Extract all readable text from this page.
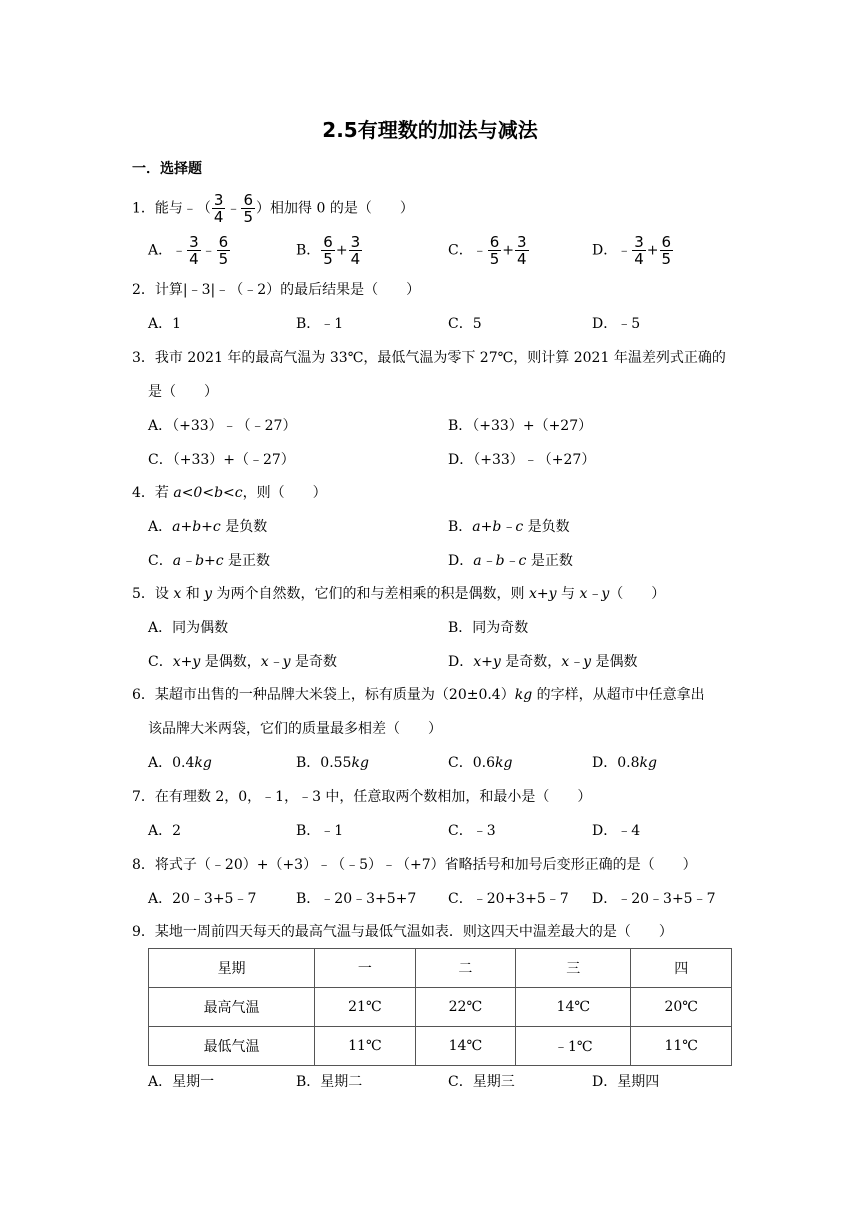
2.5有理数的加法与减法
一．选择题
1．能与﹣（ $\frac{3}{4}$ ﹣ $\frac{6}{5}$ ）相加得 0 的是（　　）
A．﹣ $\frac{3}{4}$ ﹣ $\frac{6}{5}$	B． $\frac{6}{5} + \frac{3}{4}$	C．﹣ $\frac{6}{5} + \frac{3}{4}$	D．﹣ $\frac{3}{4} + \frac{6}{5}$
2．计算|﹣3|﹣（﹣2）的最后结果是（　　）
A．1	B．﹣1	C．5	D．﹣5
3．我市 2021 年的最高气温为 33℃，最低气温为零下 27℃，则计算 2021 年温差列式正确的
是（　　）
A．（+33）﹣（﹣27）	B．（+33）+（+27）
C．（+33）+（﹣27）	D．（+33）﹣（+27）
4．若 a<0<b<c，则（　　）
A．a+b+c 是负数	B．a+b﹣c 是负数
C．a﹣b+c 是正数	D．a﹣b﹣c 是正数
5．设 x 和 y 为两个自然数，它们的和与差相乘的积是偶数，则 x+y 与 x﹣y（　　）
A．同为偶数	B．同为奇数
C．x+y 是偶数，x﹣y 是奇数	D．x+y 是奇数，x﹣y 是偶数
6．某超市出售的一种品牌大米袋上，标有质量为（20±0.4）kg 的字样，从超市中任意拿出
该品牌大米两袋，它们的质量最多相差（　　）
A．0.4kg	B．0.55kg	C．0.6kg	D．0.8kg
7．在有理数 2，0，﹣1，﹣3 中，任意取两个数相加，和最小是（　　）
A．2	B．﹣1	C．﹣3	D．﹣4
8．将式子（﹣20）+（+3）﹣（﹣5）﹣（+7）省略括号和加号后变形正确的是（　　）
A．20﹣3+5﹣7	B．﹣20﹣3+5+7 C．﹣20+3+5﹣7 D．﹣20﹣3+5﹣7
9．某地一周前四天每天的最高气温与最低气温如表．则这四天中温差最大的是（　　）
星期	一	二	三	四
最高气温	21℃	22℃	14℃	20℃
最低气温	11℃	14℃	﹣1℃	11℃
A．星期一	B．星期二	C．星期三	D．星期四
